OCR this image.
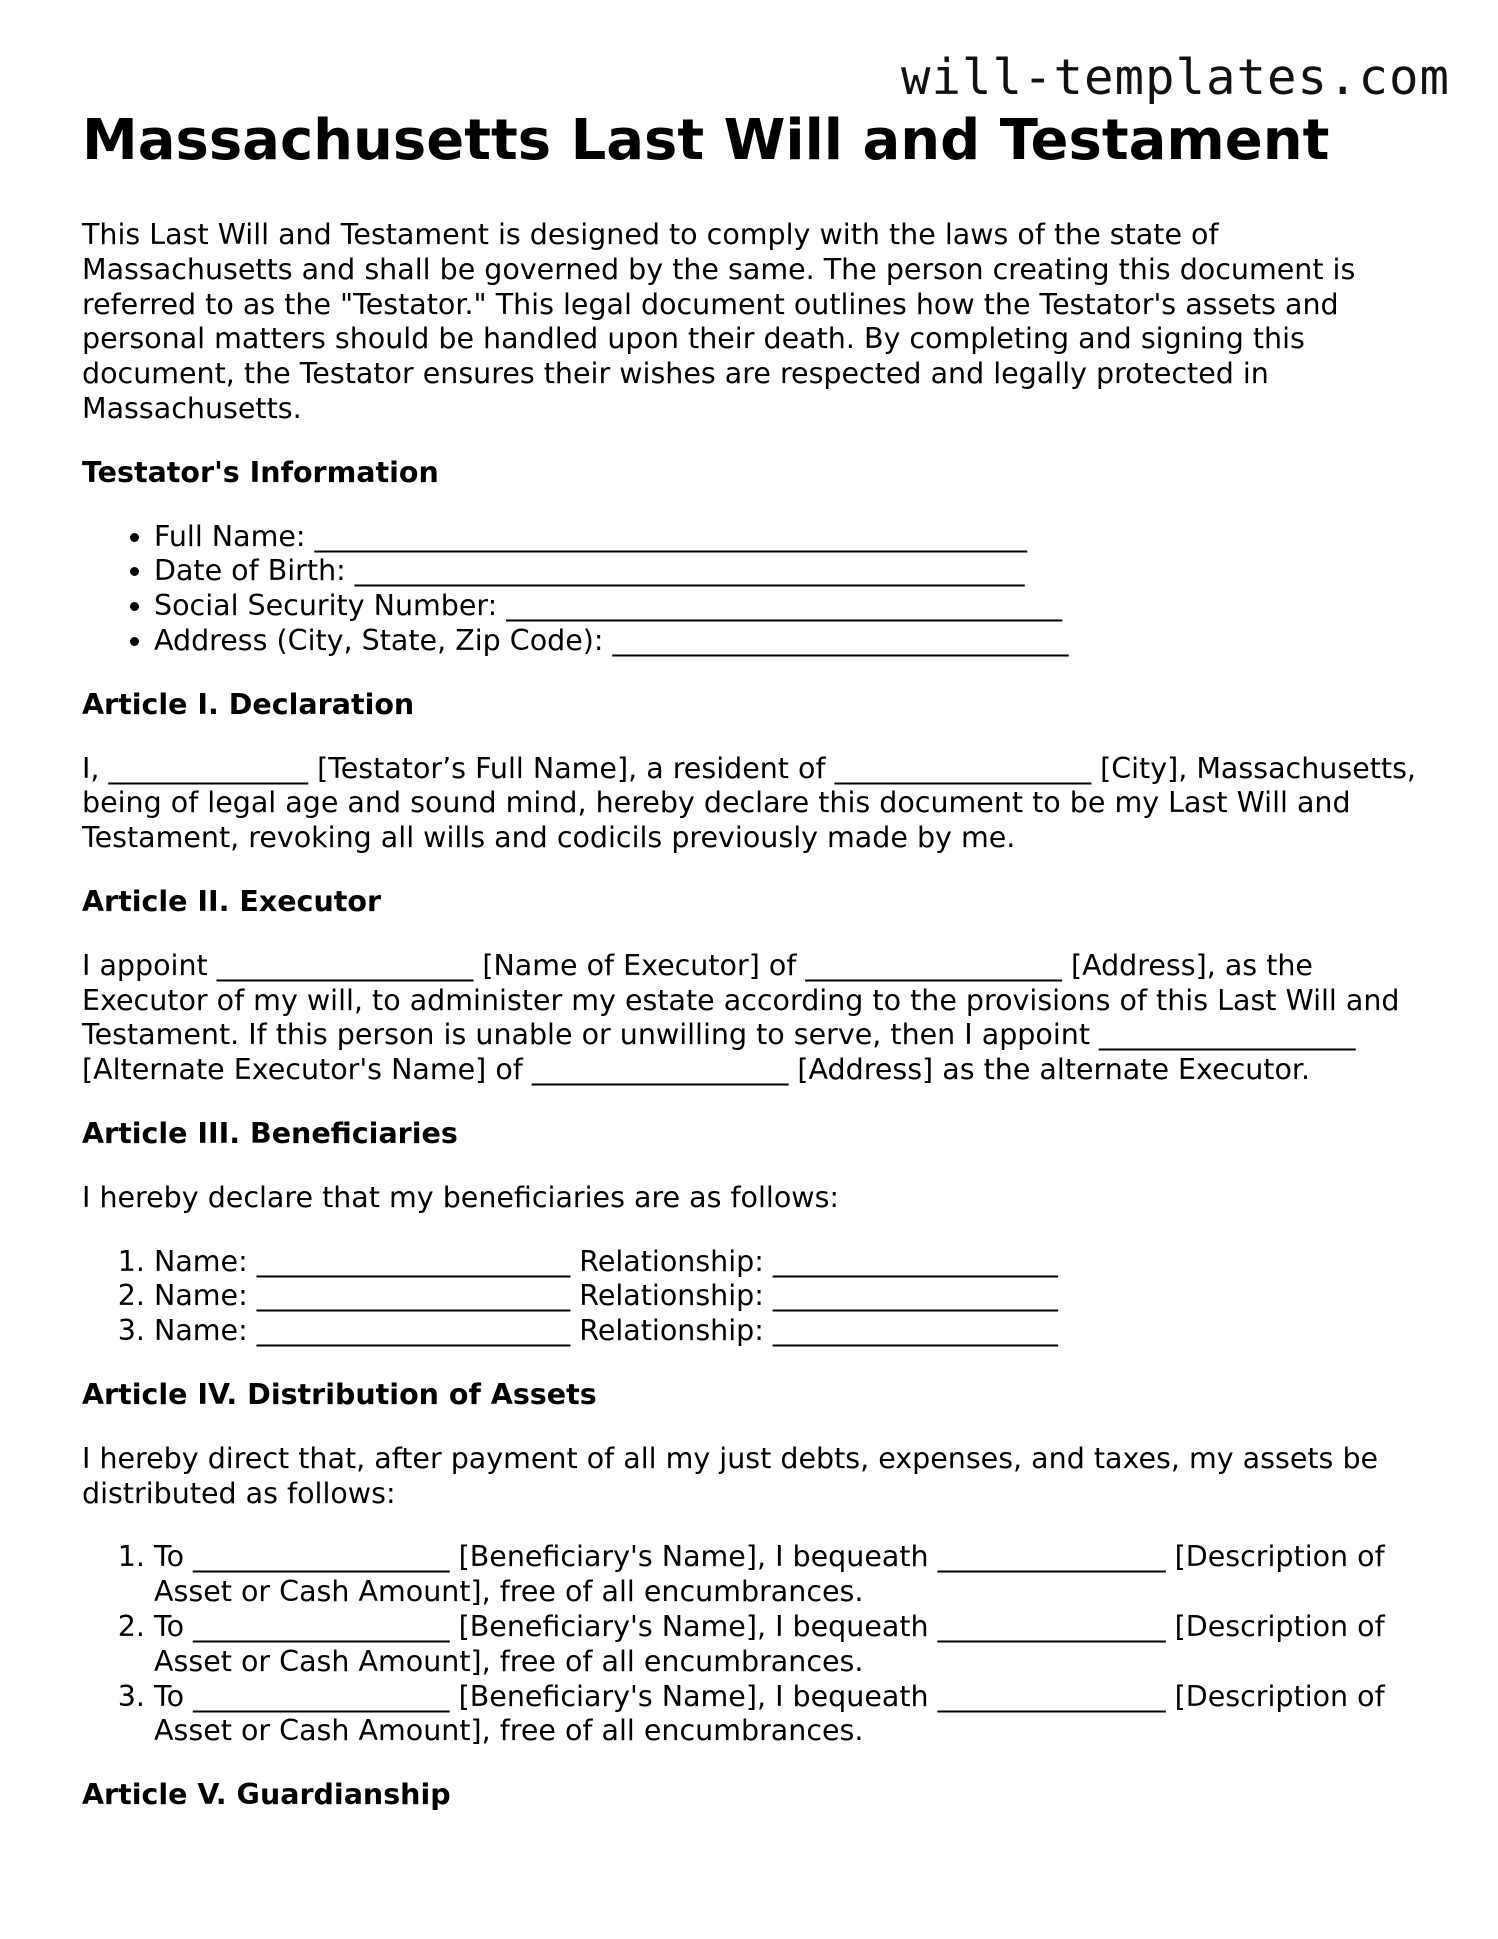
will-templates.com
Massachusetts Last Will and Testament

This Last Will and Testament is designed to comply with the laws of the state of Massachusetts and shall be governed by the same. The person creating this document is referred to as the "Testator." This legal document outlines how the Testator's assets and personal matters should be handled upon their death. By completing and signing this document, the Testator ensures their wishes are respected and legally protected in Massachusetts.

Testator's Information
• Full Name: __________________________________________________
• Date of Birth: _______________________________________________
• Social Security Number: _______________________________________
• Address (City, State, Zip Code): ________________________________
Article I. Declaration

I, ______________ [Testator’s Full Name], a resident of __________________ [City], Massachusetts, being of legal age and sound mind, hereby declare this document to be my Last Will and Testament, revoking all wills and codicils previously made by me.

Article II. Executor

I appoint __________________ [Name of Executor] of __________________ [Address], as the Executor of my will, to administer my estate according to the provisions of this Last Will and Testament. If this person is unable or unwilling to serve, then I appoint __________________ [Alternate Executor's Name] of __________________ [Address] as the alternate Executor.

Article III. Beneficiaries

I hereby declare that my beneficiaries are as follows:

1. Name: ______________________ Relationship: ____________________
2. Name: ______________________ Relationship: ____________________
3. Name: ______________________ Relationship: ____________________
Article IV. Distribution of Assets

I hereby direct that, after payment of all my just debts, expenses, and taxes, my assets be distributed as follows:

1. To __________________ [Beneficiary's Name], I bequeath ________________ [Description of Asset or Cash Amount], free of all encumbrances.
2. To __________________ [Beneficiary's Name], I bequeath ________________ [Description of Asset or Cash Amount], free of all encumbrances.
3. To __________________ [Beneficiary's Name], I bequeath ________________ [Description of Asset or Cash Amount], free of all encumbrances.
Article V. Guardianship
